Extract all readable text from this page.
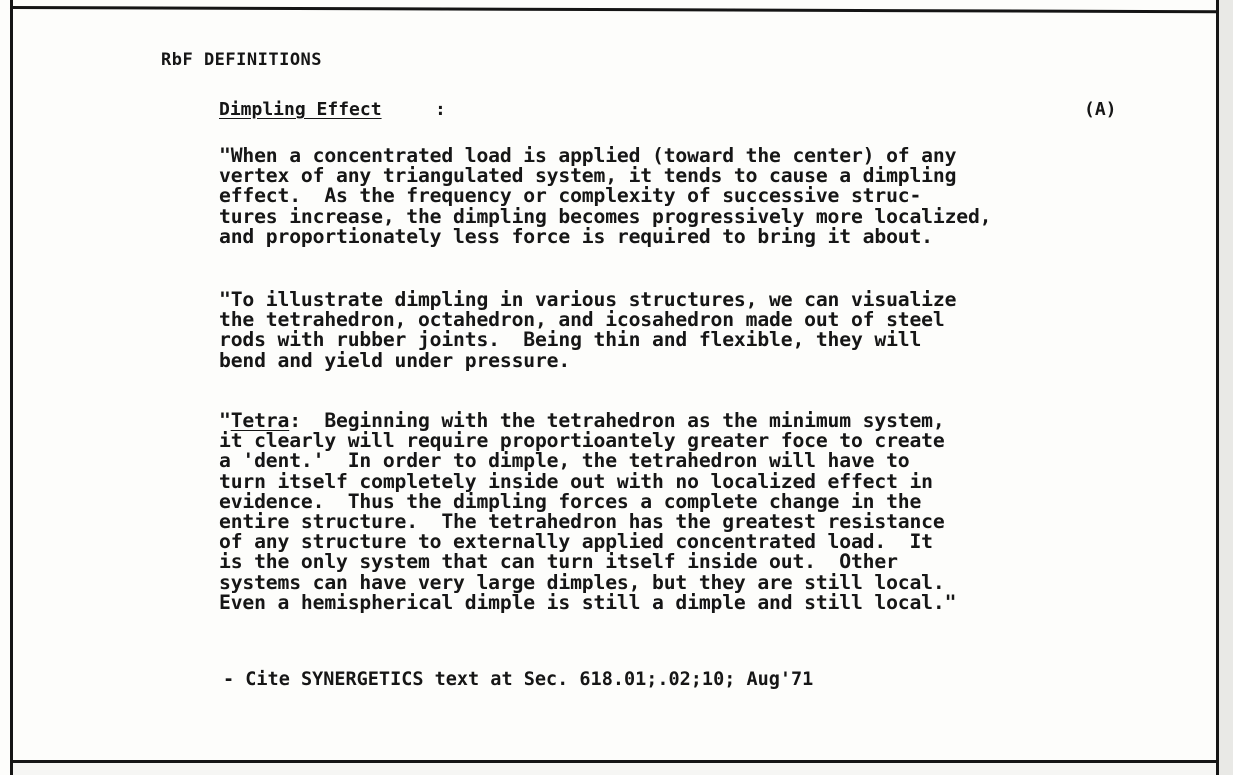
RbF DEFINITIONS
Dimpling Effect	:	(A)
"When a concentrated load is applied (toward the center) of any
vertex of any triangulated system, it tends to cause a dimpling
effect.  As the frequency or complexity of successive struc-
tures increase, the dimpling becomes progressively more localized,
and proportionately less force is required to bring it about.
"To illustrate dimpling in various structures, we can visualize
the tetrahedron, octahedron, and icosahedron made out of steel
rods with rubber joints.  Being thin and flexible, they will
bend and yield under pressure.
"Tetra:  Beginning with the tetrahedron as the minimum system,
it clearly will require proportioantely greater foce to create
a 'dent.'  In order to dimple, the tetrahedron will have to
turn itself completely inside out with no localized effect in
evidence.  Thus the dimpling forces a complete change in the
entire structure.  The tetrahedron has the greatest resistance
of any structure to externally applied concentrated load.  It
is the only system that can turn itself inside out.  Other
systems can have very large dimples, but they are still local.
Even a hemispherical dimple is still a dimple and still local."
- Cite SYNERGETICS text at Sec. 618.01;.02;10; Aug'71
